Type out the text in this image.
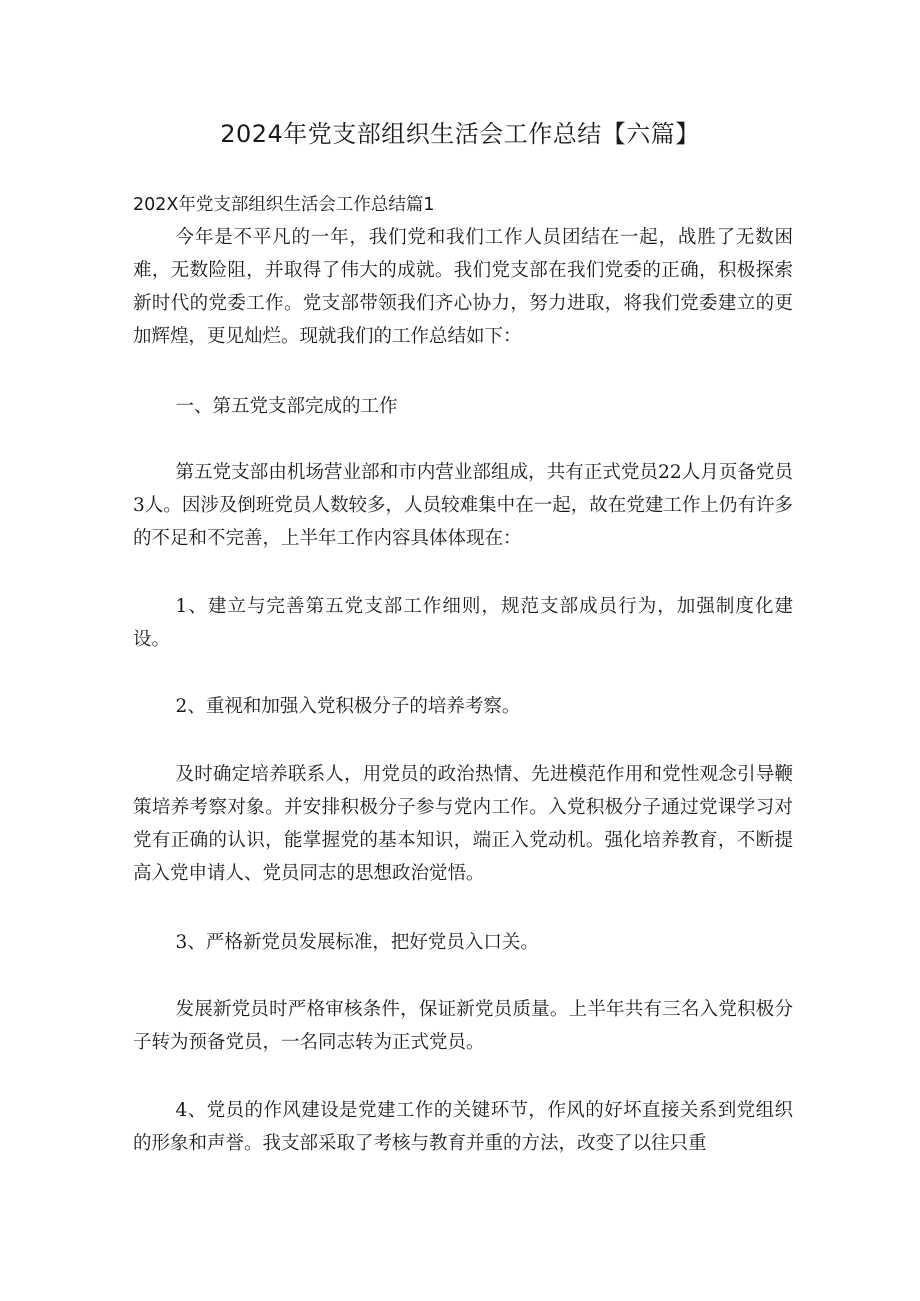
2024年党支部组织生活会工作总结【六篇】

202X年党支部组织生活会工作总结篇1

今年是不平凡的一年，我们党和我们工作人员团结在一起，战胜了无数困难，无数险阻，并取得了伟大的成就。我们党支部在我们党委的正确，积极探索新时代的党委工作。党支部带领我们齐心协力，努力进取，将我们党委建立的更加辉煌，更见灿烂。现就我们的工作总结如下：

一、第五党支部完成的工作

第五党支部由机场营业部和市内营业部组成，共有正式党员22人月页备党员3人。因涉及倒班党员人数较多，人员较难集中在一起，故在党建工作上仍有许多的不足和不完善，上半年工作内容具体体现在：

1、建立与完善第五党支部工作细则，规范支部成员行为，加强制度化建设。

2、重视和加强入党积极分子的培养考察。

及时确定培养联系人，用党员的政治热情、先进模范作用和党性观念引导鞭策培养考察对象。并安排积极分子参与党内工作。入党积极分子通过党课学习对党有正确的认识，能掌握党的基本知识，端正入党动机。强化培养教育，不断提高入党申请人、党员同志的思想政治觉悟。

3、严格新党员发展标准，把好党员入口关。

发展新党员时严格审核条件，保证新党员质量。上半年共有三名入党积极分子转为预备党员，一名同志转为正式党员。

4、党员的作风建设是党建工作的关键环节，作风的好坏直接关系到党组织的形象和声誉。我支部采取了考核与教育并重的方法，改变了以往只重
